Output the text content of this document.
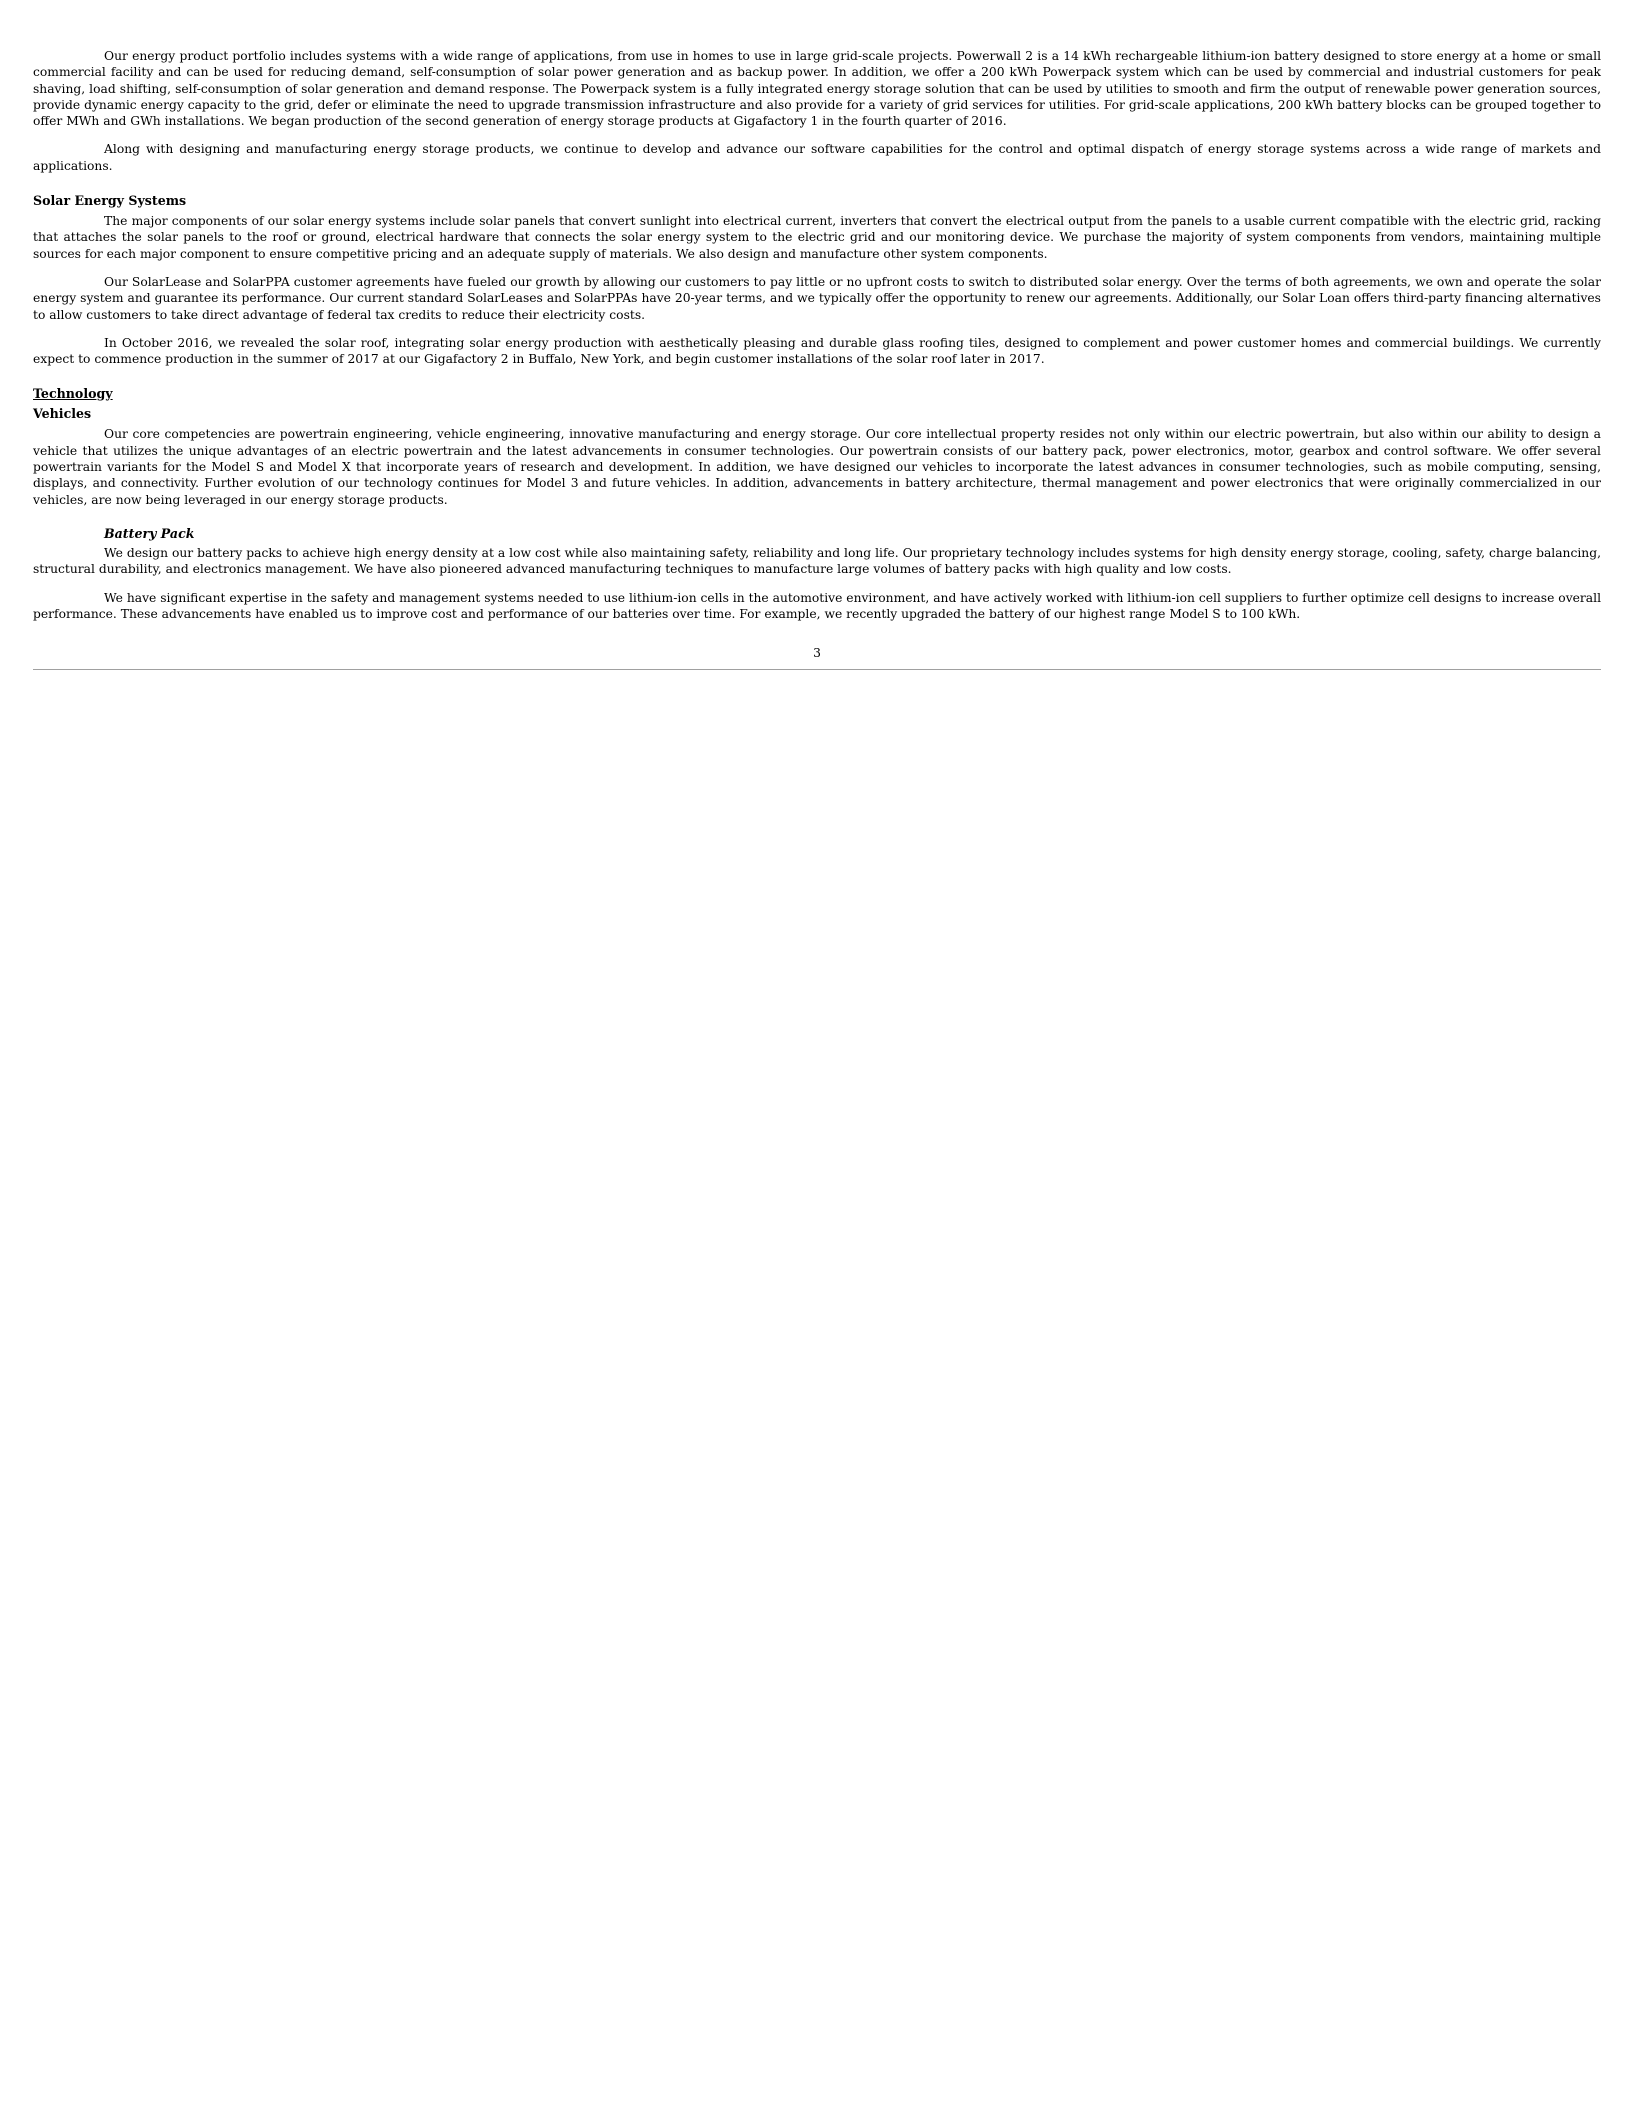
Our energy product portfolio includes systems with a wide range of applications, from use in homes to use in large grid-scale projects. Powerwall 2 is a 14 kWh rechargeable lithium-ion battery designed to store energy at a home or small commercial facility and can be used for reducing demand, self-consumption of solar power generation and as backup power. In addition, we offer a 200 kWh Powerpack system which can be used by commercial and industrial customers for peak shaving, load shifting, self-consumption of solar generation and demand response. The Powerpack system is a fully integrated energy storage solution that can be used by utilities to smooth and firm the output of renewable power generation sources, provide dynamic energy capacity to the grid, defer or eliminate the need to upgrade transmission infrastructure and also provide for a variety of grid services for utilities. For grid-scale applications, 200 kWh battery blocks can be grouped together to offer MWh and GWh installations. We began production of the second generation of energy storage products at Gigafactory 1 in the fourth quarter of 2016.

Along with designing and manufacturing energy storage products, we continue to develop and advance our software capabilities for the control and optimal dispatch of energy storage systems across a wide range of markets and applications.

Solar Energy Systems

The major components of our solar energy systems include solar panels that convert sunlight into electrical current, inverters that convert the electrical output from the panels to a usable current compatible with the electric grid, racking that attaches the solar panels to the roof or ground, electrical hardware that connects the solar energy system to the electric grid and our monitoring device. We purchase the majority of system components from vendors, maintaining multiple sources for each major component to ensure competitive pricing and an adequate supply of materials. We also design and manufacture other system components.

Our SolarLease and SolarPPA customer agreements have fueled our growth by allowing our customers to pay little or no upfront costs to switch to distributed solar energy. Over the terms of both agreements, we own and operate the solar energy system and guarantee its performance. Our current standard SolarLeases and SolarPPAs have 20-year terms, and we typically offer the opportunity to renew our agreements. Additionally, our Solar Loan offers third-party financing alternatives to allow customers to take direct advantage of federal tax credits to reduce their electricity costs.

In October 2016, we revealed the solar roof, integrating solar energy production with aesthetically pleasing and durable glass roofing tiles, designed to complement and power customer homes and commercial buildings. We currently expect to commence production in the summer of 2017 at our Gigafactory 2 in Buffalo, New York, and begin customer installations of the solar roof later in 2017.

Technology
Vehicles

Our core competencies are powertrain engineering, vehicle engineering, innovative manufacturing and energy storage. Our core intellectual property resides not only within our electric powertrain, but also within our ability to design a vehicle that utilizes the unique advantages of an electric powertrain and the latest advancements in consumer technologies. Our powertrain consists of our battery pack, power electronics, motor, gearbox and control software. We offer several powertrain variants for the Model S and Model X that incorporate years of research and development. In addition, we have designed our vehicles to incorporate the latest advances in consumer technologies, such as mobile computing, sensing, displays, and connectivity. Further evolution of our technology continues for Model 3 and future vehicles. In addition, advancements in battery architecture, thermal management and power electronics that were originally commercialized in our vehicles, are now being leveraged in our energy storage products.

Battery Pack

We design our battery packs to achieve high energy density at a low cost while also maintaining safety, reliability and long life. Our proprietary technology includes systems for high density energy storage, cooling, safety, charge balancing, structural durability, and electronics management. We have also pioneered advanced manufacturing techniques to manufacture large volumes of battery packs with high quality and low costs.

We have significant expertise in the safety and management systems needed to use lithium-ion cells in the automotive environment, and have actively worked with lithium-ion cell suppliers to further optimize cell designs to increase overall performance. These advancements have enabled us to improve cost and performance of our batteries over time. For example, we recently upgraded the battery of our highest range Model S to 100 kWh.

3
